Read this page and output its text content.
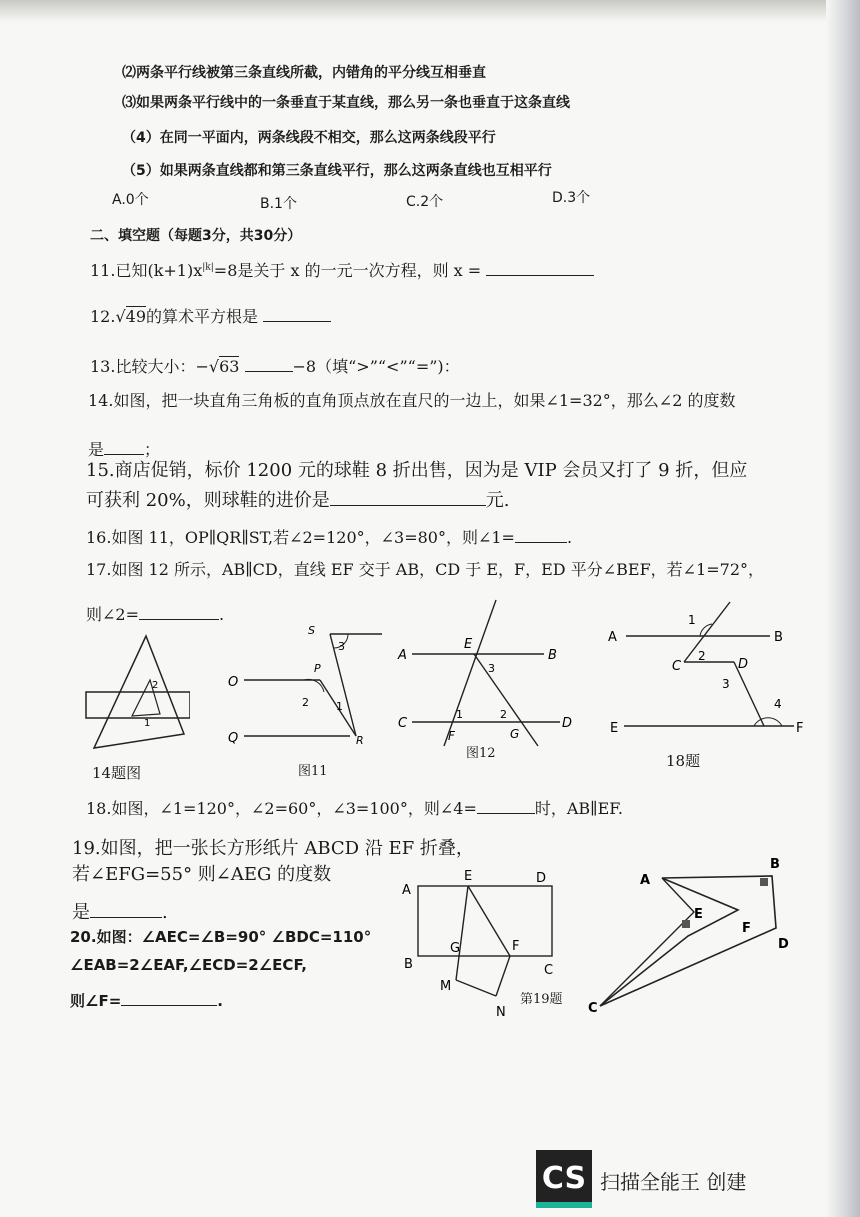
⑵两条平行线被第三条直线所截，内错角的平分线互相垂直
⑶如果两条平行线中的一条垂直于某直线，那么另一条也垂直于这条直线
（4）在同一平面内，两条线段不相交，那么这两条线段平行
（5）如果两条直线都和第三条直线平行，那么这两条直线也互相平行
A.0个	B.1个	C.2个	D.3个
二、填空题（每题3分，共30分）
11.已知$(k+1)x^{|k|}=8$是关于 x 的一元一次方程，则 x =
12.√49的算术平方根是
13.比较大小：−√63	−8（填“>”“<”“=”)：
14.如图，把一块直角三角板的直角顶点放在直尺的一边上，如果∠1=32°，那么∠2 的度数
是	；
15.商店促销，标价 1200 元的球鞋 8 折出售，因为是 VIP 会员又打了 9 折，但应
可获利 20%，则球鞋的进价是	元.
16.如图 11，OP∥QR∥ST,若∠2=120°，∠3=80°，则∠1=	.
17.如图 12 所示，AB∥CD，直线 EF 交于 AB，CD 于 E，F，ED 平分∠BEF，若∠1=72°，
则∠2=	.
2
1
14题图
S
P
O
Q	R
2
3
1
图11
A	B
C	D
E
F	G
3
1	2
图12
A	B
C	D
E	F
1
2
3
4
18题
18.如图，∠1=120°，∠2=60°，∠3=100°，则∠4=	时，AB∥EF.
19.如图，把一张长方形纸片 ABCD 沿 EF 折叠，
若∠EFG=55° 则∠AEG 的度数
是	.
20.如图：∠AEC=∠B=90° ∠BDC=110°
∠EAB=2∠EAF,∠ECD=2∠ECF,
则∠F=	.
A
E	D
B
G	F
C
M
N
第19题
A
B
E
F
D
C
CS 扫描全能王 创建
